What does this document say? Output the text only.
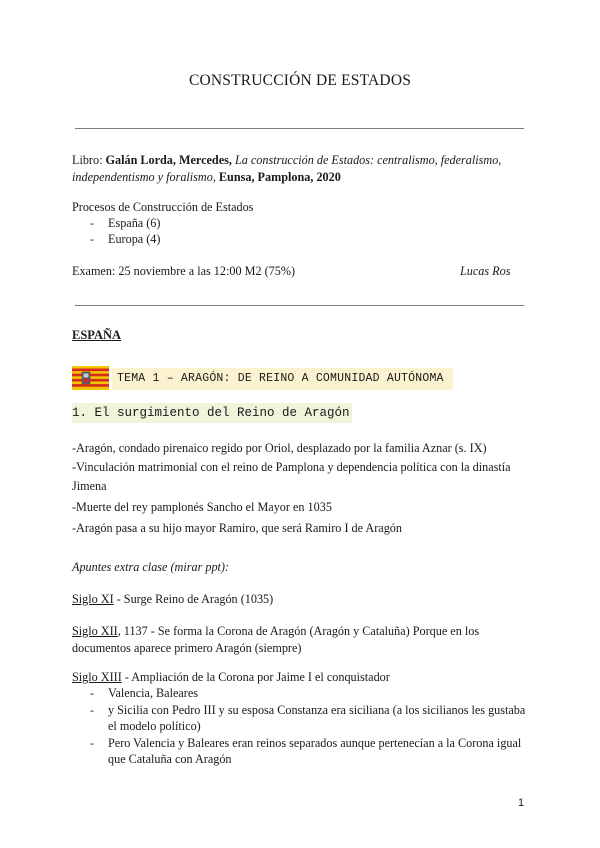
CONSTRUCCIÓN DE ESTADOS
Libro: Galán Lorda, Mercedes, La construcción de Estados: centralismo, federalismo, independentismo y foralismo, Eunsa, Pamplona, 2020
Procesos de Construcción de Estados
- España (6)
- Europa (4)
Examen: 25 noviembre a las 12:00 M2 (75%)	Lucas Ros
ESPAÑA
TEMA 1 – ARAGÓN: DE REINO A COMUNIDAD AUTÓNOMA
1. El surgimiento del Reino de Aragón
-Aragón, condado pirenaico regido por Oriol, desplazado por la familia Aznar (s. IX)
-Vinculación matrimonial con el reino de Pamplona y dependencia política con la dinastía
Jimena
-Muerte del rey pamplonés Sancho el Mayor en 1035
-Aragón pasa a su hijo mayor Ramiro, que será Ramiro I de Aragón
Apuntes extra clase (mirar ppt):
Siglo XI - Surge Reino de Aragón (1035)
Siglo XII, 1137 - Se forma la Corona de Aragón (Aragón y Cataluña) Porque en los
documentos aparece primero Aragón (siempre)
Siglo XIII - Ampliación de la Corona por Jaime I el conquistador
- Valencia, Baleares
- y Sicilia con Pedro III y su esposa Constanza era siciliana (a los sicilianos les gustaba
el modelo político)
- Pero Valencia y Baleares eran reinos separados aunque pertenecían a la Corona igual
que Cataluña con Aragón
1
